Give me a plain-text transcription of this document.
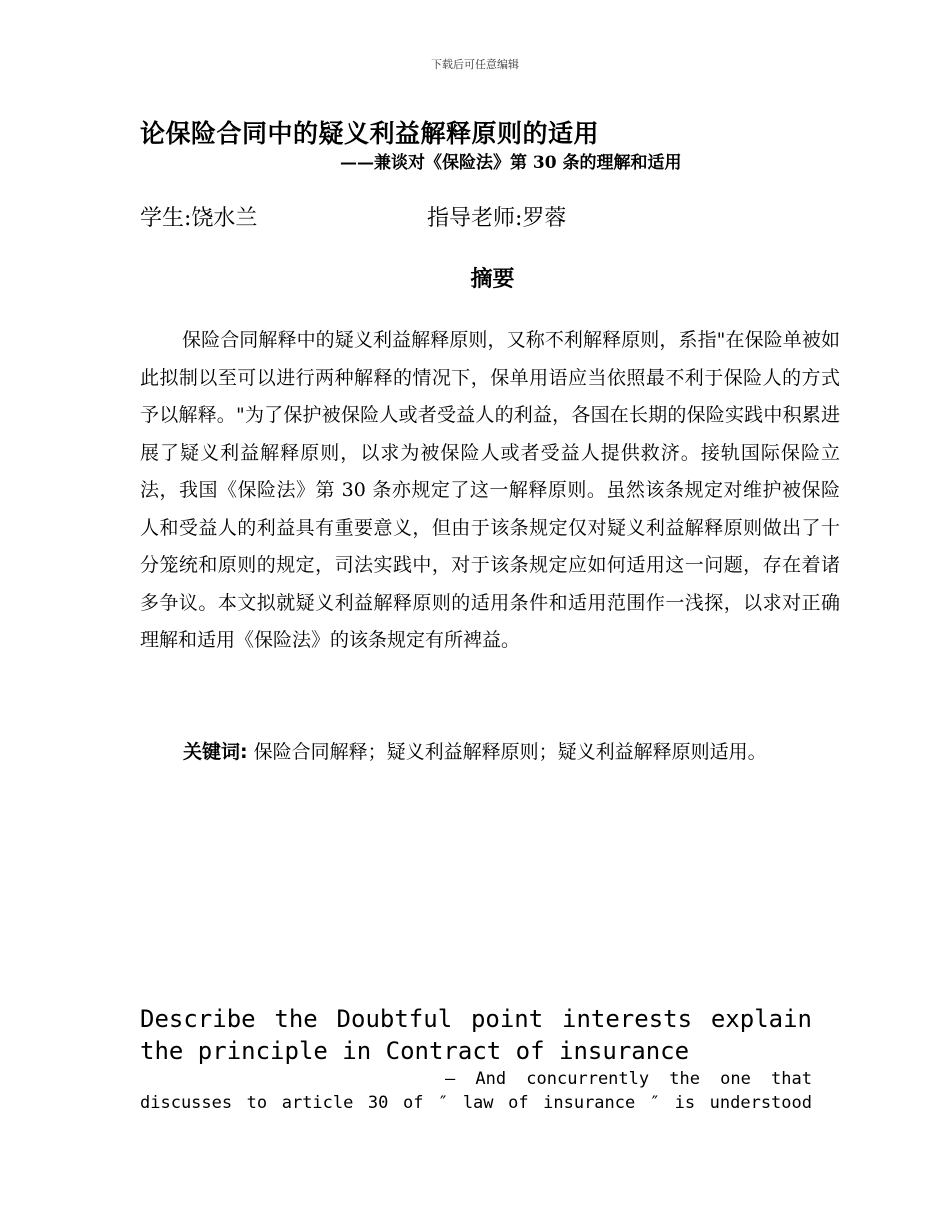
下载后可任意编辑
论保险合同中的疑义利益解释原则的适用
——兼谈对《保险法》第 30 条的理解和适用
学生:饶水兰	指导老师:罗蓉
摘要
保险合同解释中的疑义利益解释原则，又称不利解释原则，系指"在保险单被如此拟制以至可以进行两种解释的情况下，保单用语应当依照最不利于保险人的方式予以解释。"为了保护被保险人或者受益人的利益，各国在长期的保险实践中积累进展了疑义利益解释原则，以求为被保险人或者受益人提供救济。接轨国际保险立法，我国《保险法》第 30 条亦规定了这一解释原则。虽然该条规定对维护被保险人和受益人的利益具有重要意义，但由于该条规定仅对疑义利益解释原则做出了十分笼统和原则的规定，司法实践中，对于该条规定应如何适用这一问题，存在着诸多争议。本文拟就疑义利益解释原则的适用条件和适用范围作一浅探，以求对正确理解和适用《保险法》的该条规定有所裨益。
关键词: 保险合同解释；疑义利益解释原则；疑义利益解释原则适用。
Describe the Doubtful point interests explain
the principle in Contract of insurance
— And concurrently the one that
discusses to article 30 of ″ law of insurance ″ is understood
